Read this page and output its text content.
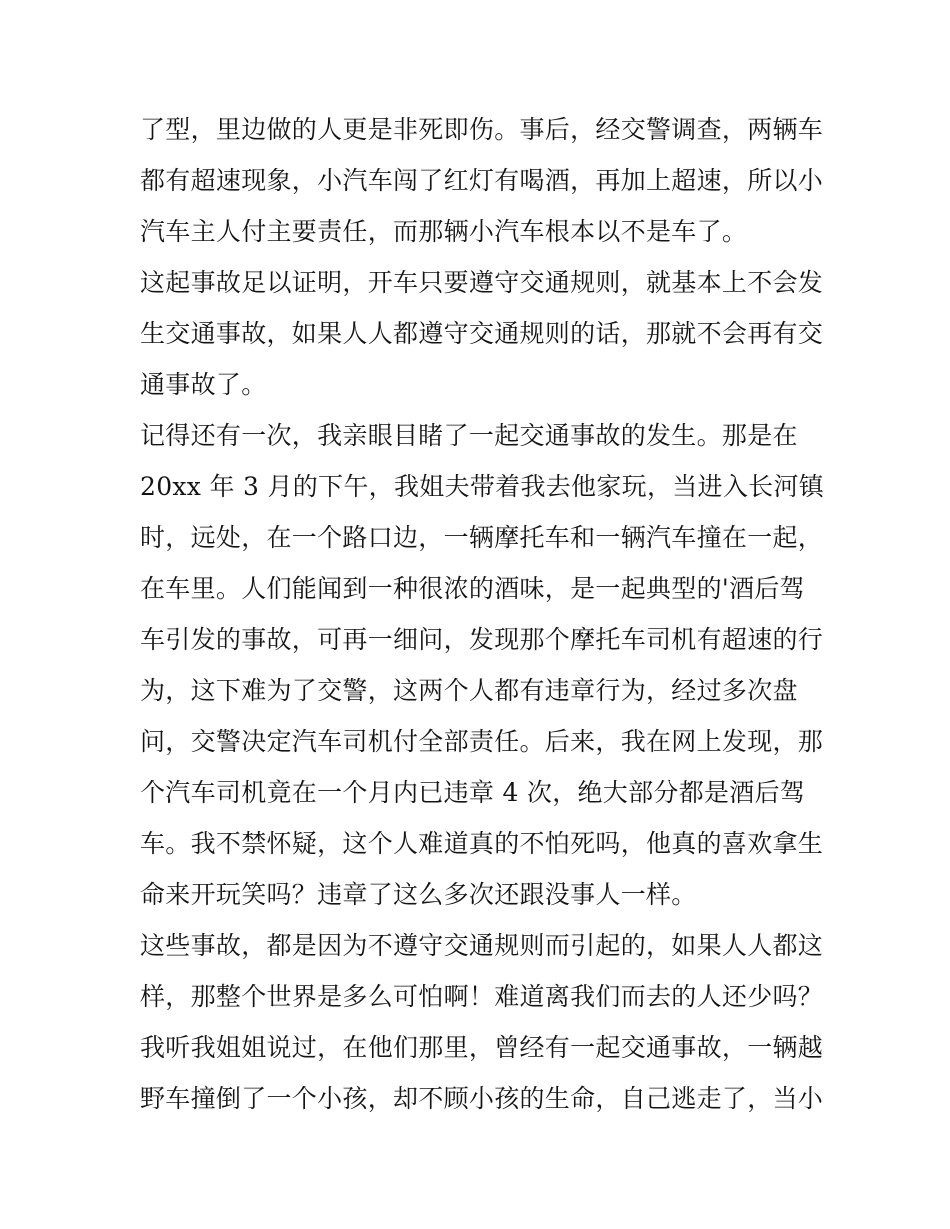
了型，里边做的人更是非死即伤。事后，经交警调查，两辆车
都有超速现象，小汽车闯了红灯有喝酒，再加上超速，所以小
汽车主人付主要责任，而那辆小汽车根本以不是车了。
这起事故足以证明，开车只要遵守交通规则，就基本上不会发
生交通事故，如果人人都遵守交通规则的话，那就不会再有交
通事故了。
记得还有一次，我亲眼目睹了一起交通事故的发生。那是在
20xx 年 3 月的下午，我姐夫带着我去他家玩，当进入长河镇
时，远处，在一个路口边，一辆摩托车和一辆汽车撞在一起，
在车里。人们能闻到一种很浓的酒味，是一起典型的'酒后驾
车引发的事故，可再一细问，发现那个摩托车司机有超速的行
为，这下难为了交警，这两个人都有违章行为，经过多次盘
问，交警决定汽车司机付全部责任。后来，我在网上发现，那
个汽车司机竟在一个月内已违章 4 次，绝大部分都是酒后驾
车。我不禁怀疑，这个人难道真的不怕死吗，他真的喜欢拿生
命来开玩笑吗？违章了这么多次还跟没事人一样。
这些事故，都是因为不遵守交通规则而引起的，如果人人都这
样，那整个世界是多么可怕啊！难道离我们而去的人还少吗？
我听我姐姐说过，在他们那里，曾经有一起交通事故，一辆越
野车撞倒了一个小孩，却不顾小孩的生命，自己逃走了，当小
